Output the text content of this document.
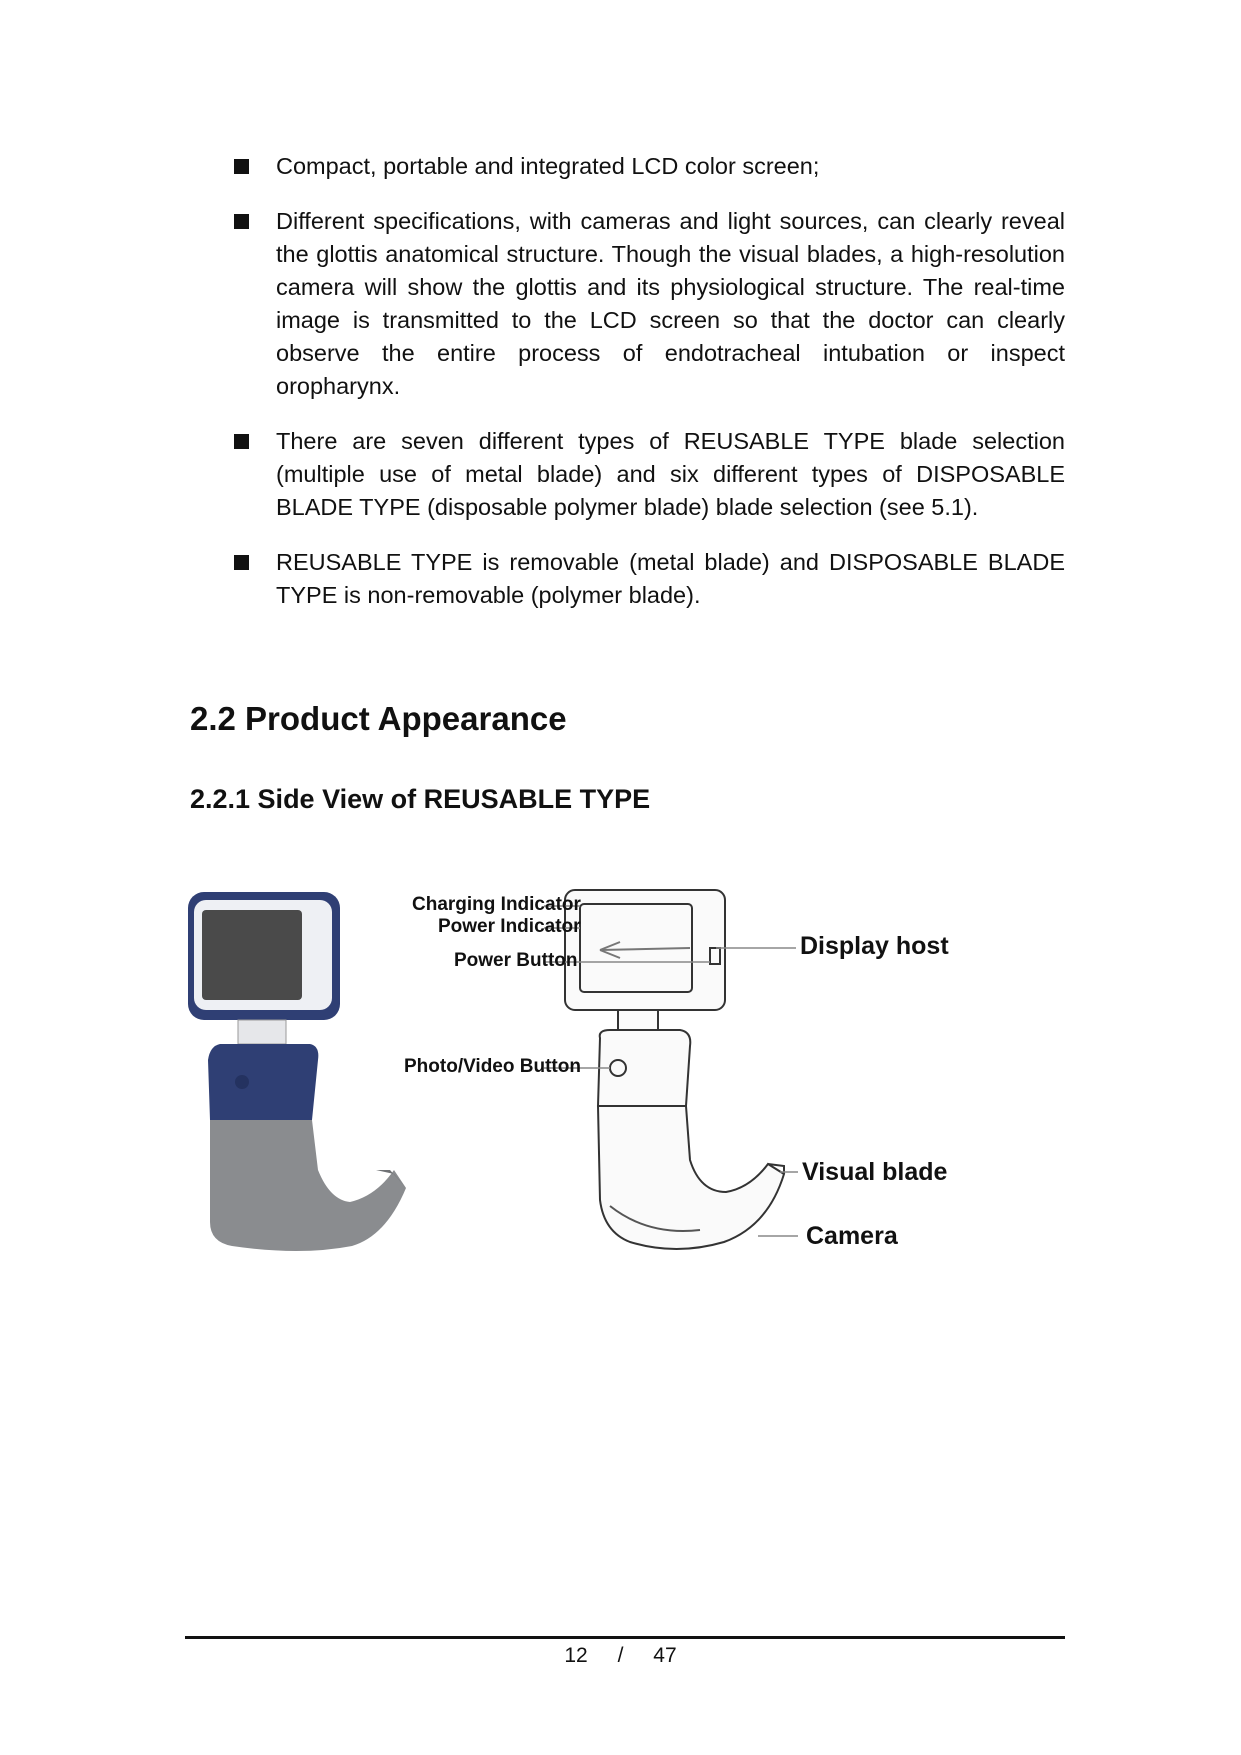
Compact, portable and integrated LCD color screen;
Different specifications, with cameras and light sources, can clearly reveal the glottis anatomical structure. Though the visual blades, a high-resolution camera will show the glottis and its physiological structure. The real-time image is transmitted to the LCD screen so that the doctor can clearly observe the entire process of endotracheal intubation or inspect oropharynx.
There are seven different types of REUSABLE TYPE blade selection (multiple use of metal blade) and six different types of DISPOSABLE BLADE TYPE (disposable polymer blade) blade selection (see 5.1).
REUSABLE TYPE is removable (metal blade) and DISPOSABLE BLADE TYPE is non-removable (polymer blade).
2.2 Product Appearance
2.2.1 Side View of REUSABLE TYPE
Charging Indicator
Power Indicator
Power Button
Photo/Video Button
Display host
Visual blade
Camera
12 / 47
